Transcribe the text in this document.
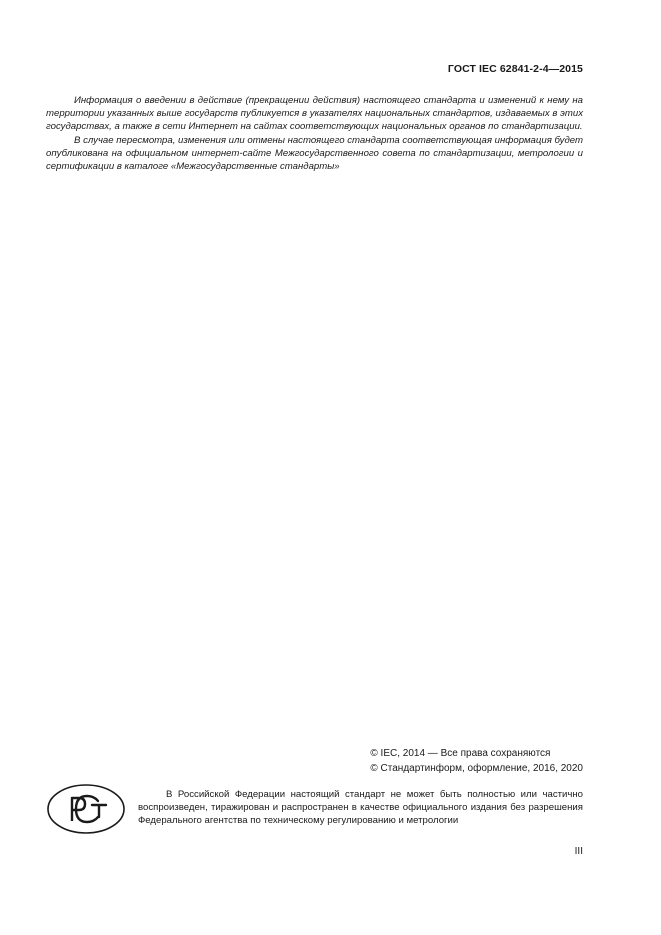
ГОСТ IEC 62841-2-4—2015

Информация о введении в действие (прекращении действия) настоящего стандарта и изменений к нему на территории указанных выше государств публикуется в указателях национальных стандартов, издаваемых в этих государствах, а также в сети Интернет на сайтах соответствующих национальных органов по стандартизации.

В случае пересмотра, изменения или отмены настоящего стандарта соответствующая информация будет опубликована на официальном интернет-сайте Межгосударственного совета по стандартизации, метрологии и сертификации в каталоге «Межгосударственные стандарты»

© IEC, 2014 — Все права сохраняются
© Стандартинформ, оформление, 2016, 2020

В Российской Федерации настоящий стандарт не может быть полностью или частично воспроизведен, тиражирован и распространен в качестве официального издания без разрешения Федерального агентства по техническому регулированию и метрологии

III
